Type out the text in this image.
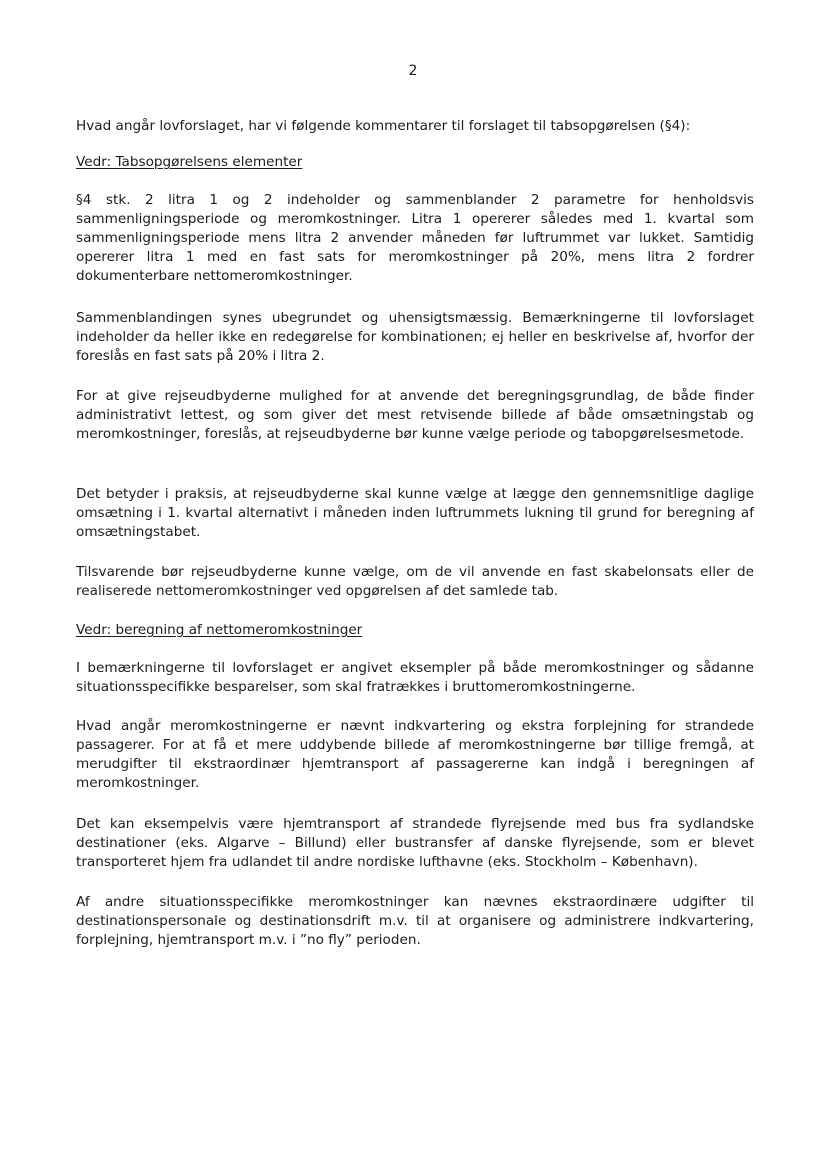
2

Hvad angår lovforslaget, har vi følgende kommentarer til forslaget til tabsopgørelsen (§4):

Vedr: Tabsopgørelsens elementer

§4 stk. 2 litra 1 og 2 indeholder og sammenblander 2 parametre for henholdsvis sammenligningsperiode og meromkostninger. Litra 1 opererer således med 1. kvartal som sammenligningsperiode mens litra 2 anvender måneden før luftrummet var lukket. Samtidig opererer litra 1 med en fast sats for meromkostninger på 20%, mens litra 2 fordrer dokumenterbare nettomeromkostninger.

Sammenblandingen synes ubegrundet og uhensigtsmæssig. Bemærkningerne til lovforslaget indeholder da heller ikke en redegørelse for kombinationen; ej heller en beskrivelse af, hvorfor der foreslås en fast sats på 20% i litra 2.

For at give rejseudbyderne mulighed for at anvende det beregningsgrundlag, de både finder administrativt lettest, og som giver det mest retvisende billede af både omsætningstab og meromkostninger, foreslås, at rejseudbyderne bør kunne vælge periode og tabopgørelsesmetode.

Det betyder i praksis, at rejseudbyderne skal kunne vælge at lægge den gennemsnitlige daglige omsætning i 1. kvartal alternativt i måneden inden luftrummets lukning til grund for beregning af omsætningstabet.

Tilsvarende bør rejseudbyderne kunne vælge, om de vil anvende en fast skabelonsats eller de realiserede nettomeromkostninger ved opgørelsen af det samlede tab.

Vedr: beregning af nettomeromkostninger

I bemærkningerne til lovforslaget er angivet eksempler på både meromkostninger og sådanne situationsspecifikke besparelser, som skal fratrækkes i bruttomeromkostningerne.

Hvad angår meromkostningerne er nævnt indkvartering og ekstra forplejning for strandede passagerer. For at få et mere uddybende billede af meromkostningerne bør tillige fremgå, at merudgifter til ekstraordinær hjemtransport af passagererne kan indgå i beregningen af meromkostninger.

Det kan eksempelvis være hjemtransport af strandede flyrejsende med bus fra sydlandske destinationer (eks. Algarve – Billund) eller bustransfer af danske flyrejsende, som er blevet transporteret hjem fra udlandet til andre nordiske lufthavne (eks. Stockholm – København).

Af andre situationsspecifikke meromkostninger kan nævnes ekstraordinære udgifter til destinationspersonale og destinationsdrift m.v. til at organisere og administrere indkvartering, forplejning, hjemtransport m.v. i ”no fly” perioden.
